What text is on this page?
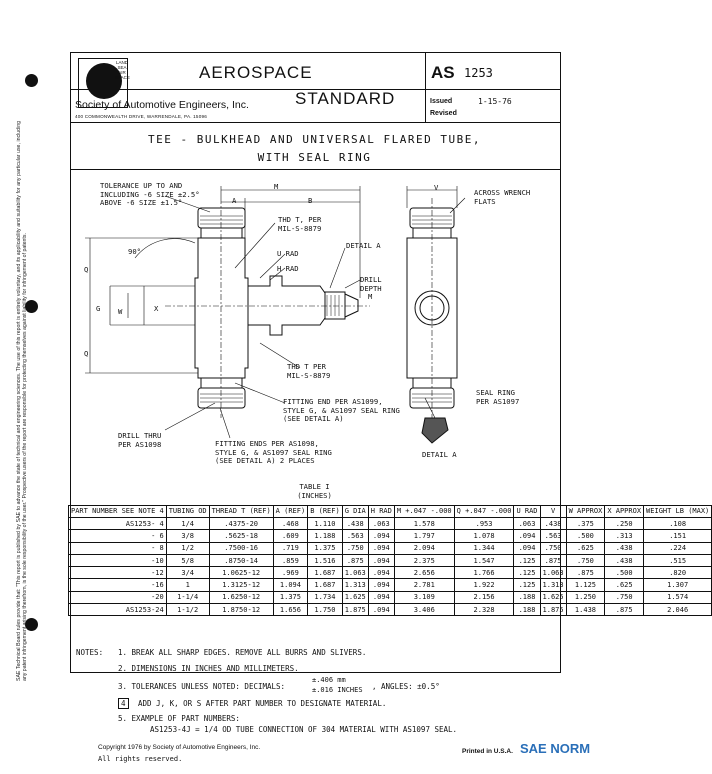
SAE Technical Board rules provide that: "This report is published by SAE to advance the state of technical and engineering sciences. The use of this report is entirely voluntary, and its applicability and suitability for any particular use, including any patent infringement arising therefrom, is the sole responsibility of the user." Prospective users of the report are responsible for protecting themselves against liability for infringement of patents.
LAND SEA AIR SPACE	AEROSPACE
STANDARD
Society of Automotive Engineers, Inc.
400 COMMONWEALTH DRIVE, WARRENDALE, PA. 15096
AS 1253
Issued	1-15-76
Revised
TEE - BULKHEAD AND UNIVERSAL FLARED TUBE,
WITH SEAL RING
TOLERANCE UP TO AND
INCLUDING -6 SIZE ±2.5°
ABOVE -6 SIZE ±1.5°
90°
M
A	B
V
ACROSS WRENCH
FLATS
THD T, PER
MIL-S-8879
DETAIL A
U RAD
H RAD
DRILL
DEPTH
M
Q
Q
G W	X
THD T PER
MIL-S-8879
FITTING END PER AS1099,
STYLE G, & AS1097 SEAL RING
(SEE DETAIL A)
DRILL THRU
PER AS1098	FITTING ENDS PER AS1098,
STYLE G, & AS1097 SEAL RING
(SEE DETAIL A) 2 PLACES
SEAL RING
PER AS1097
DETAIL A
TABLE I
(INCHES)
PART NUMBER SEE NOTE 4	TUBING OD	THREAD T (REF)	A (REF)	B (REF)	G DIA	H RAD	M +.047 -.000	Q +.047 -.000	U RAD	V	W APPROX	X APPROX	WEIGHT LB (MAX)
AS1253- 4	1/4	.4375-20	.468	1.110	.438	.063	1.578	.953	.063	.438	.375	.250	.108
- 6	3/8	.5625-18	.609	1.188	.563	.094	1.797	1.078	.094	.563	.500	.313	.151
- 8	1/2	.7500-16	.719	1.375	.750	.094	2.094	1.344	.094	.750	.625	.438	.224
-10	5/8	.8750-14	.859	1.516	.875	.094	2.375	1.547	.125	.875	.750	.438	.515
-12	3/4	1.0625-12	.969	1.687	1.063	.094	2.656	1.766	.125	1.063	.875	.500	.820
-16	1	1.3125-12	1.094	1.687	1.313	.094	2.781	1.922	.125	1.313	1.125	.625	1.307
-20	1-1/4	1.6250-12	1.375	1.734	1.625	.094	3.109	2.156	.188	1.625	1.250	.750	1.574
AS1253-24	1-1/2	1.8750-12	1.656	1.750	1.875	.094	3.406	2.328	.188	1.875	1.438	.875	2.046
NOTES: 1. BREAK ALL SHARP EDGES. REMOVE ALL BURRS AND SLIVERS.
2. DIMENSIONS IN INCHES AND MILLIMETERS.
3. TOLERANCES UNLESS NOTED: DECIMALS:
±.406 mm
±.016 INCHES , ANGLES: ±0.5°
4	ADD J, K, OR S AFTER PART NUMBER TO DESIGNATE MATERIAL.
5. EXAMPLE OF PART NUMBERS:
AS1253-4J = 1/4 OD TUBE CONNECTION OF 304 MATERIAL WITH AS1097 SEAL.
Copyright 1976 by Society of Automotive Engineers, Inc.
All rights reserved.
Printed in U.S.A. SAE NORM
